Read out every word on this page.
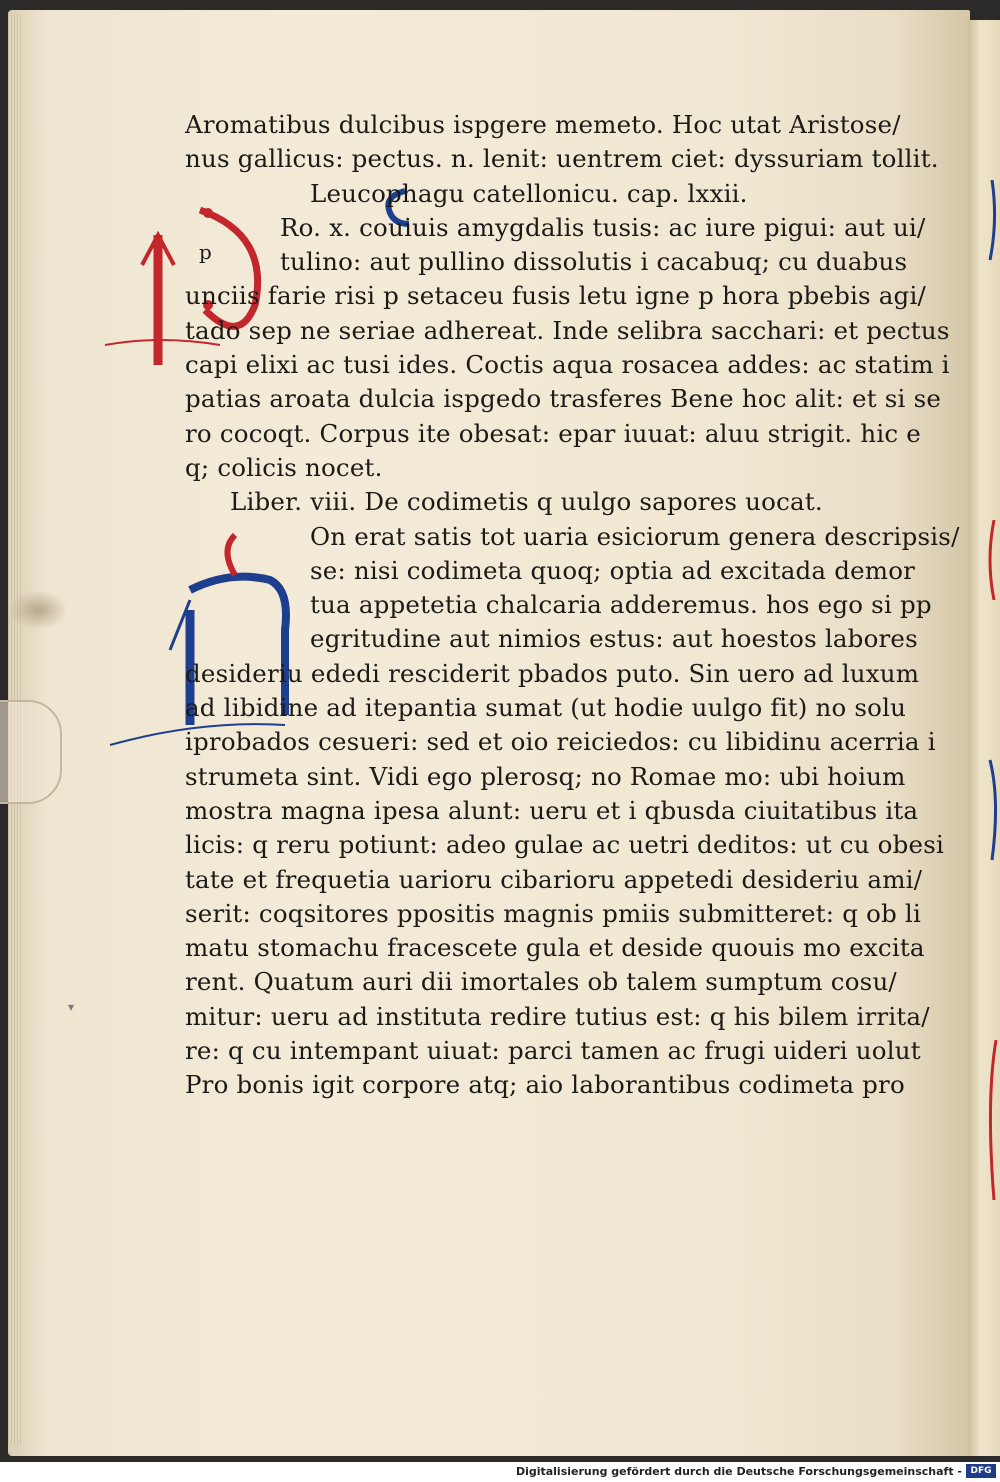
p
Aromatibus dulcibus ispgere memeto. Hoc utat Aristose/
nus gallicus: pectus. n. lenit: uentrem ciet: dyssuriam tollit.
Leucophagu catellonicu. cap. lxxii.
Ro. x. couiuis amygdalis tusis: ac iure pigui: aut ui/
tulino: aut pullino dissolutis i cacabuq; cu duabus
unciis farie risi p setaceu fusis letu igne p hora pbebis agi/
tado sep ne seriae adhereat. Inde selibra sacchari: et pectus
capi elixi ac tusi ides. Coctis aqua rosacea addes: ac statim i
patias aroata dulcia ispgedo trasferes Bene hoc alit: et si se
ro cocoqt. Corpus ite obesat: epar iuuat: aluu strigit. hic e
q; colicis nocet.
Liber. viii. De codimetis q uulgo sapores uocat.
On erat satis tot uaria esiciorum genera descripsis/
se: nisi codimeta quoq; optia ad excitada demor
tua appetetia chalcaria adderemus. hos ego si pp
egritudine aut nimios estus: aut hoestos labores
desideriu ededi resciderit pbados puto. Sin uero ad luxum
ad libidine ad itepantia sumat (ut hodie uulgo fit) no solu
iprobados cesueri: sed et oio reiciedos: cu libidinu acerria i
strumeta sint. Vidi ego plerosq; no Romae mo: ubi hoium
mostra magna ipesa alunt: ueru et i qbusda ciuitatibus ita
licis: q reru potiunt: adeo gulae ac uetri deditos: ut cu obesi
tate et frequetia uarioru cibarioru appetedi desideriu ami/
serit: coqsitores ppositis magnis pmiis submitteret: q ob li
matu stomachu fracescete gula et deside quouis mo excita
rent. Quatum auri dii imortales ob talem sumptum cosu/
mitur: ueru ad instituta redire tutius est: q his bilem irrita/
re: q cu intempant uiuat: parci tamen ac frugi uideri uolut
Pro bonis igit corpore atq; aio laborantibus codimeta pro
▾
Digitalisierung gefördert durch die Deutsche Forschungsgemeinschaft - DFG
